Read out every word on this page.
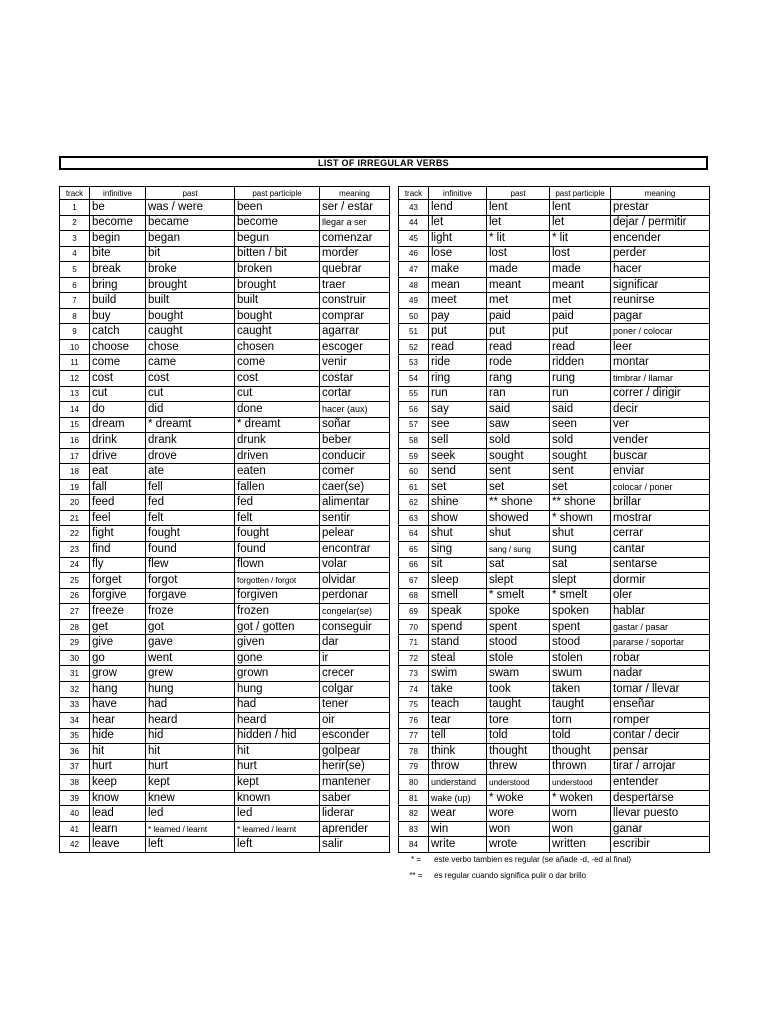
LIST OF IRREGULAR VERBS
track	infinitive	past	past participle	meaning
1	be	was / were	been	ser / estar
2	become	became	become	llegar a ser
3	begin	began	begun	comenzar
4	bite	bit	bitten / bit	morder
5	break	broke	broken	quebrar
6	bring	brought	brought	traer
7	build	built	built	construir
8	buy	bought	bought	comprar
9	catch	caught	caught	agarrar
10	choose	chose	chosen	escoger
11	come	came	come	venir
12	cost	cost	cost	costar
13	cut	cut	cut	cortar
14	do	did	done	hacer (aux)
15	dream	* dreamt	* dreamt	soñar
16	drink	drank	drunk	beber
17	drive	drove	driven	conducir
18	eat	ate	eaten	comer
19	fall	fell	fallen	caer(se)
20	feed	fed	fed	alimentar
21	feel	felt	felt	sentir
22	fight	fought	fought	pelear
23	find	found	found	encontrar
24	fly	flew	flown	volar
25	forget	forgot	forgotten / forgot	olvidar
26	forgive	forgave	forgiven	perdonar
27	freeze	froze	frozen	congelar(se)
28	get	got	got / gotten	conseguir
29	give	gave	given	dar
30	go	went	gone	ir
31	grow	grew	grown	crecer
32	hang	hung	hung	colgar
33	have	had	had	tener
34	hear	heard	heard	oir
35	hide	hid	hidden / hid	esconder
36	hit	hit	hit	golpear
37	hurt	hurt	hurt	herir(se)
38	keep	kept	kept	mantener
39	know	knew	known	saber
40	lead	led	led	liderar
41	learn	* learned / learnt	* learned / learnt	aprender
42	leave	left	left	salir
track	infinitive	past	past participle	meaning
43	lend	lent	lent	prestar
44	let	let	let	dejar / permitir
45	light	* lit	* lit	encender
46	lose	lost	lost	perder
47	make	made	made	hacer
48	mean	meant	meant	significar
49	meet	met	met	reunirse
50	pay	paid	paid	pagar
51	put	put	put	poner / colocar
52	read	read	read	leer
53	ride	rode	ridden	montar
54	ring	rang	rung	timbrar / llamar
55	run	ran	run	correr / dirigir
56	say	said	said	decir
57	see	saw	seen	ver
58	sell	sold	sold	vender
59	seek	sought	sought	buscar
60	send	sent	sent	enviar
61	set	set	set	colocar / poner
62	shine	** shone	** shone	brillar
63	show	showed	* shown	mostrar
64	shut	shut	shut	cerrar
65	sing	sang / sung	sung	cantar
66	sit	sat	sat	sentarse
67	sleep	slept	slept	dormir
68	smell	* smelt	* smelt	oler
69	speak	spoke	spoken	hablar
70	spend	spent	spent	gastar / pasar
71	stand	stood	stood	pararse / soportar
72	steal	stole	stolen	robar
73	swim	swam	swum	nadar
74	take	took	taken	tomar / llevar
75	teach	taught	taught	enseñar
76	tear	tore	torn	romper
77	tell	told	told	contar / decir
78	think	thought	thought	pensar
79	throw	threw	thrown	tirar / arrojar
80	understand	understood	understood	entender
81	wake (up)	* woke	* woken	despertarse
82	wear	wore	worn	llevar puesto
83	win	won	won	ganar
84	write	wrote	written	escribir
* =	este verbo tambien es regular (se añade -d, -ed al final)
** =	es regular cuando significa pulir o dar brillo
